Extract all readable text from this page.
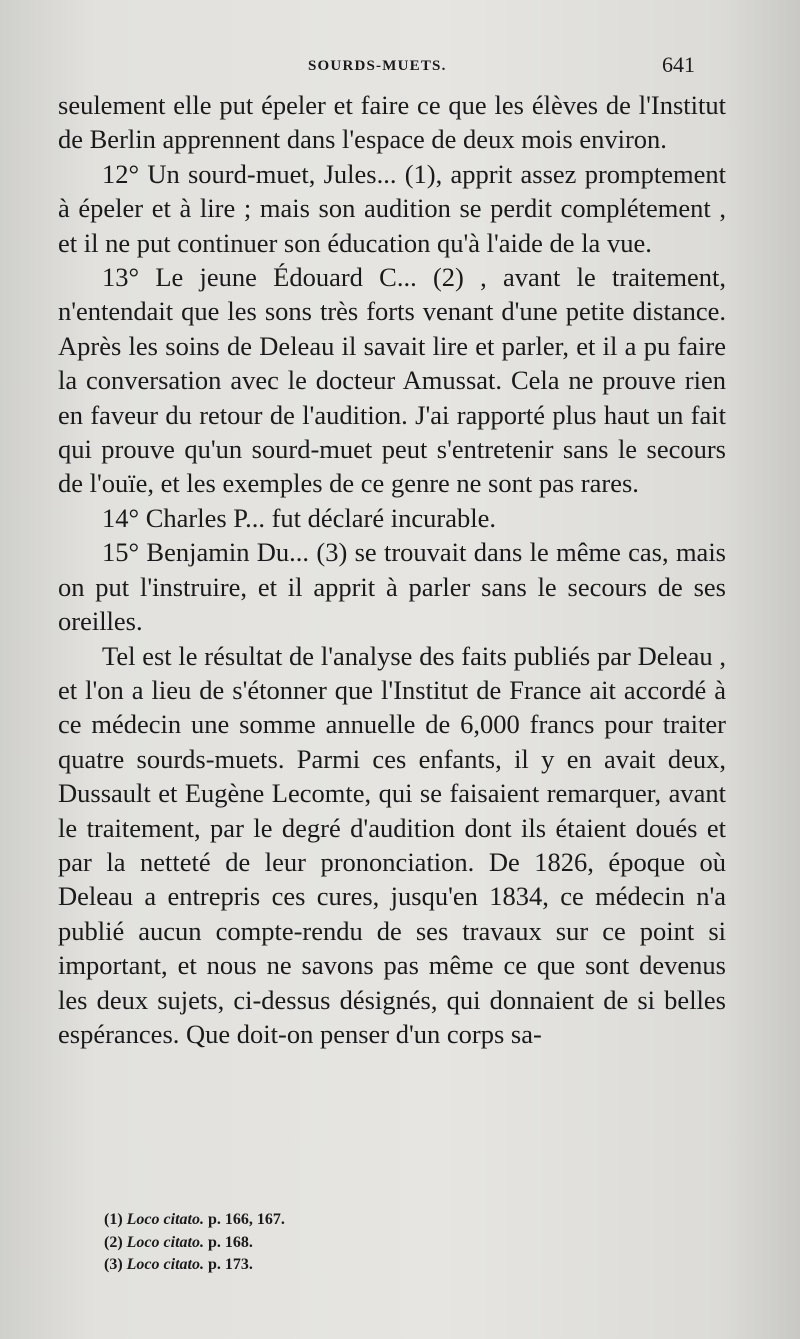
SOURDS-MUETS.	641

seulement elle put épeler et faire ce que les élèves de l'Institut de Berlin apprennent dans l'espace de deux mois environ.

12° Un sourd-muet, Jules... (1), apprit assez promptement à épeler et à lire ; mais son audition se perdit complétement , et il ne put continuer son éducation qu'à l'aide de la vue.

13° Le jeune Édouard C... (2) , avant le traitement, n'entendait que les sons très forts venant d'une petite distance. Après les soins de Deleau il savait lire et parler, et il a pu faire la conversation avec le docteur Amussat. Cela ne prouve rien en faveur du retour de l'audition. J'ai rapporté plus haut un fait qui prouve qu'un sourd-muet peut s'entretenir sans le secours de l'ouïe, et les exemples de ce genre ne sont pas rares.

14° Charles P... fut déclaré incurable.

15° Benjamin Du... (3) se trouvait dans le même cas, mais on put l'instruire, et il apprit à parler sans le secours de ses oreilles.

Tel est le résultat de l'analyse des faits publiés par Deleau , et l'on a lieu de s'étonner que l'Institut de France ait accordé à ce médecin une somme annuelle de 6,000 francs pour traiter quatre sourds-muets. Parmi ces enfants, il y en avait deux, Dussault et Eugène Lecomte, qui se faisaient remarquer, avant le traitement, par le degré d'audition dont ils étaient doués et par la netteté de leur prononciation. De 1826, époque où Deleau a entrepris ces cures, jusqu'en 1834, ce médecin n'a publié aucun compte-rendu de ses travaux sur ce point si important, et nous ne savons pas même ce que sont devenus les deux sujets, ci-dessus désignés, qui donnaient de si belles espérances. Que doit-on penser d'un corps sa-

(1) Loco citato. p. 166, 167.
(2) Loco citato. p. 168.
(3) Loco citato. p. 173.
